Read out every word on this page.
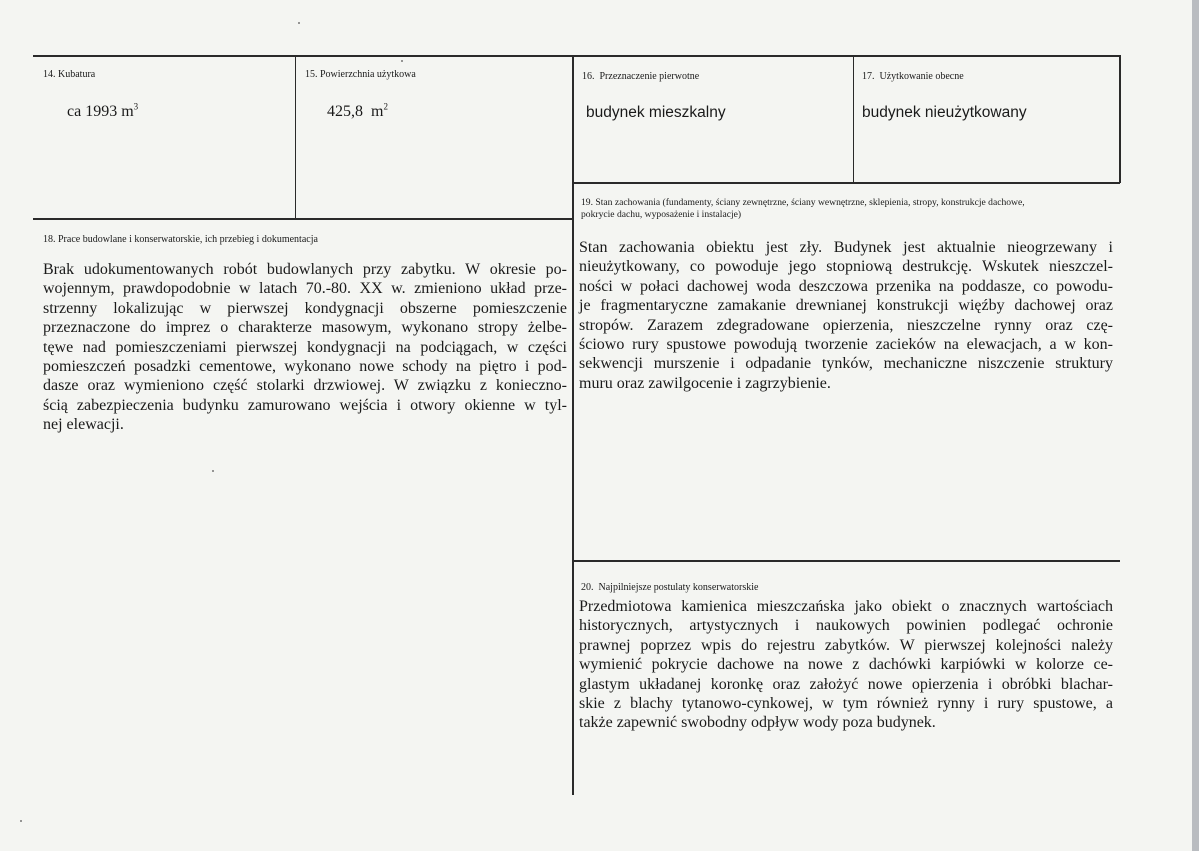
14. Kubatura
ca 1993 $m^3$
15. Powierzchnia użytkowa
425,8  $m^2$
16.  Przeznaczenie pierwotne
budynek mieszkalny
17.  Użytkowanie obecne
budynek nieużytkowany
18. Prace budowlane i konserwatorskie, ich przebieg i dokumentacja
Brak udokumentowanych robót budowlanych przy zabytku. W okresie po-
wojennym, prawdopodobnie w latach 70.-80. XX w. zmieniono układ prze-
strzenny lokalizując w pierwszej kondygnacji obszerne pomieszczenie
przeznaczone do imprez o charakterze masowym, wykonano stropy żelbe-
tęwe nad pomieszczeniami pierwszej kondygnacji na podciągach, w części
pomieszczeń posadzki cementowe, wykonano nowe schody na piętro i pod-
dasze oraz wymieniono część stolarki drzwiowej. W związku z konieczno-
ścią zabezpieczenia budynku zamurowano wejścia i otwory okienne w tyl-
nej elewacji.
19. Stan zachowania (fundamenty, ściany zewnętrzne, ściany wewnętrzne, sklepienia, stropy, konstrukcje dachowe,
pokrycie dachu, wyposażenie i instalacje)
Stan zachowania obiektu jest zły. Budynek jest aktualnie nieogrzewany i
nieużytkowany, co powoduje jego stopniową destrukcję. Wskutek nieszczel-
ności w połaci dachowej woda deszczowa przenika na poddasze, co powodu-
je fragmentaryczne zamakanie drewnianej konstrukcji więźby dachowej oraz
stropów. Zarazem zdegradowane opierzenia, nieszczelne rynny oraz czę-
ściowo rury spustowe powodują tworzenie zacieków na elewacjach, a w kon-
sekwencji murszenie i odpadanie tynków, mechaniczne niszczenie struktury
muru oraz zawilgocenie i zagrzybienie.
20.  Najpilniejsze postulaty konserwatorskie
Przedmiotowa kamienica mieszczańska jako obiekt o znacznych wartościach
historycznych, artystycznych i naukowych powinien podlegać ochronie
prawnej poprzez wpis do rejestru zabytków. W pierwszej kolejności należy
wymienić pokrycie dachowe na nowe z dachówki karpiówki w kolorze ce-
glastym układanej koronkę oraz założyć nowe opierzenia i obróbki blachar-
skie z blachy tytanowo-cynkowej, w tym również rynny i rury spustowe, a
także zapewnić swobodny odpływ wody poza budynek.
